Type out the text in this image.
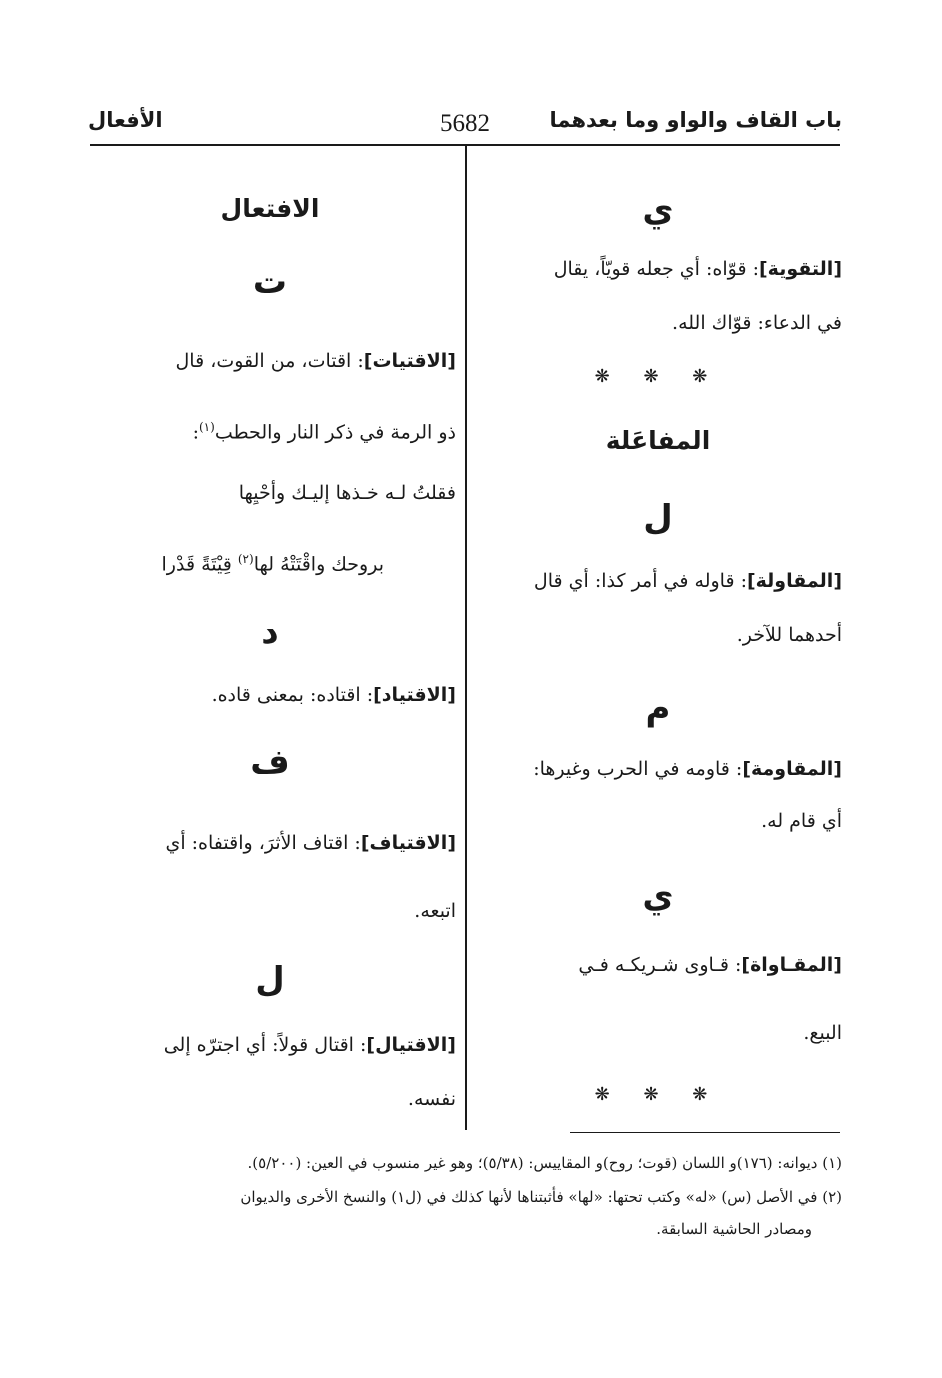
باب القاف والواو وما بعدهما
5682
الأفعال
ي
[التقوية]: قوّاه: أي جعله قويّاً، يقال
في الدعاء: قوّاك الله.
❋ ❋ ❋
المفاعَلة
ل
[المقاولة]: قاوله في أمر كذا: أي قال
أحدهما للآخر.
م
[المقاومة]: قاومه في الحرب وغيرها:
أي قام له.
ي
[المقـاواة]: قـاوى شـريكـه فـي
البيع.
❋ ❋ ❋
الافتعال
ت
[الاقتيات]: اقتات، من القوت، قال
ذو الرمة في ذكر النار والحطب$^{(١)}$:
فقلتُ لـه خـذها إليـك وأحْيِها
بروحك واقْتَتْهُ لها$^{(٢)}$ قِيْتَةً قَدْرا
د
[الاقتياد]: اقتاده: بمعنى قاده.
ف
[الاقتياف]: اقتاف الأثرَ، واقتفاه: أي
اتبعه.
ل
[الاقتيال]: اقتال قولاً: أي اجترّه إلى
نفسه.
(١) ديوانه: (١٧٦)و اللسان (قوت؛ روح)و المقاييس: (٥/٣٨)؛ وهو غير منسوب في العين: (٥/٢٠٠).
(٢) في الأصل (س) «له» وكتب تحتها: «لها» فأثبتناها لأنها كذلك في (ل١) والنسخ الأخرى والديوان
ومصادر الحاشية السابقة.
